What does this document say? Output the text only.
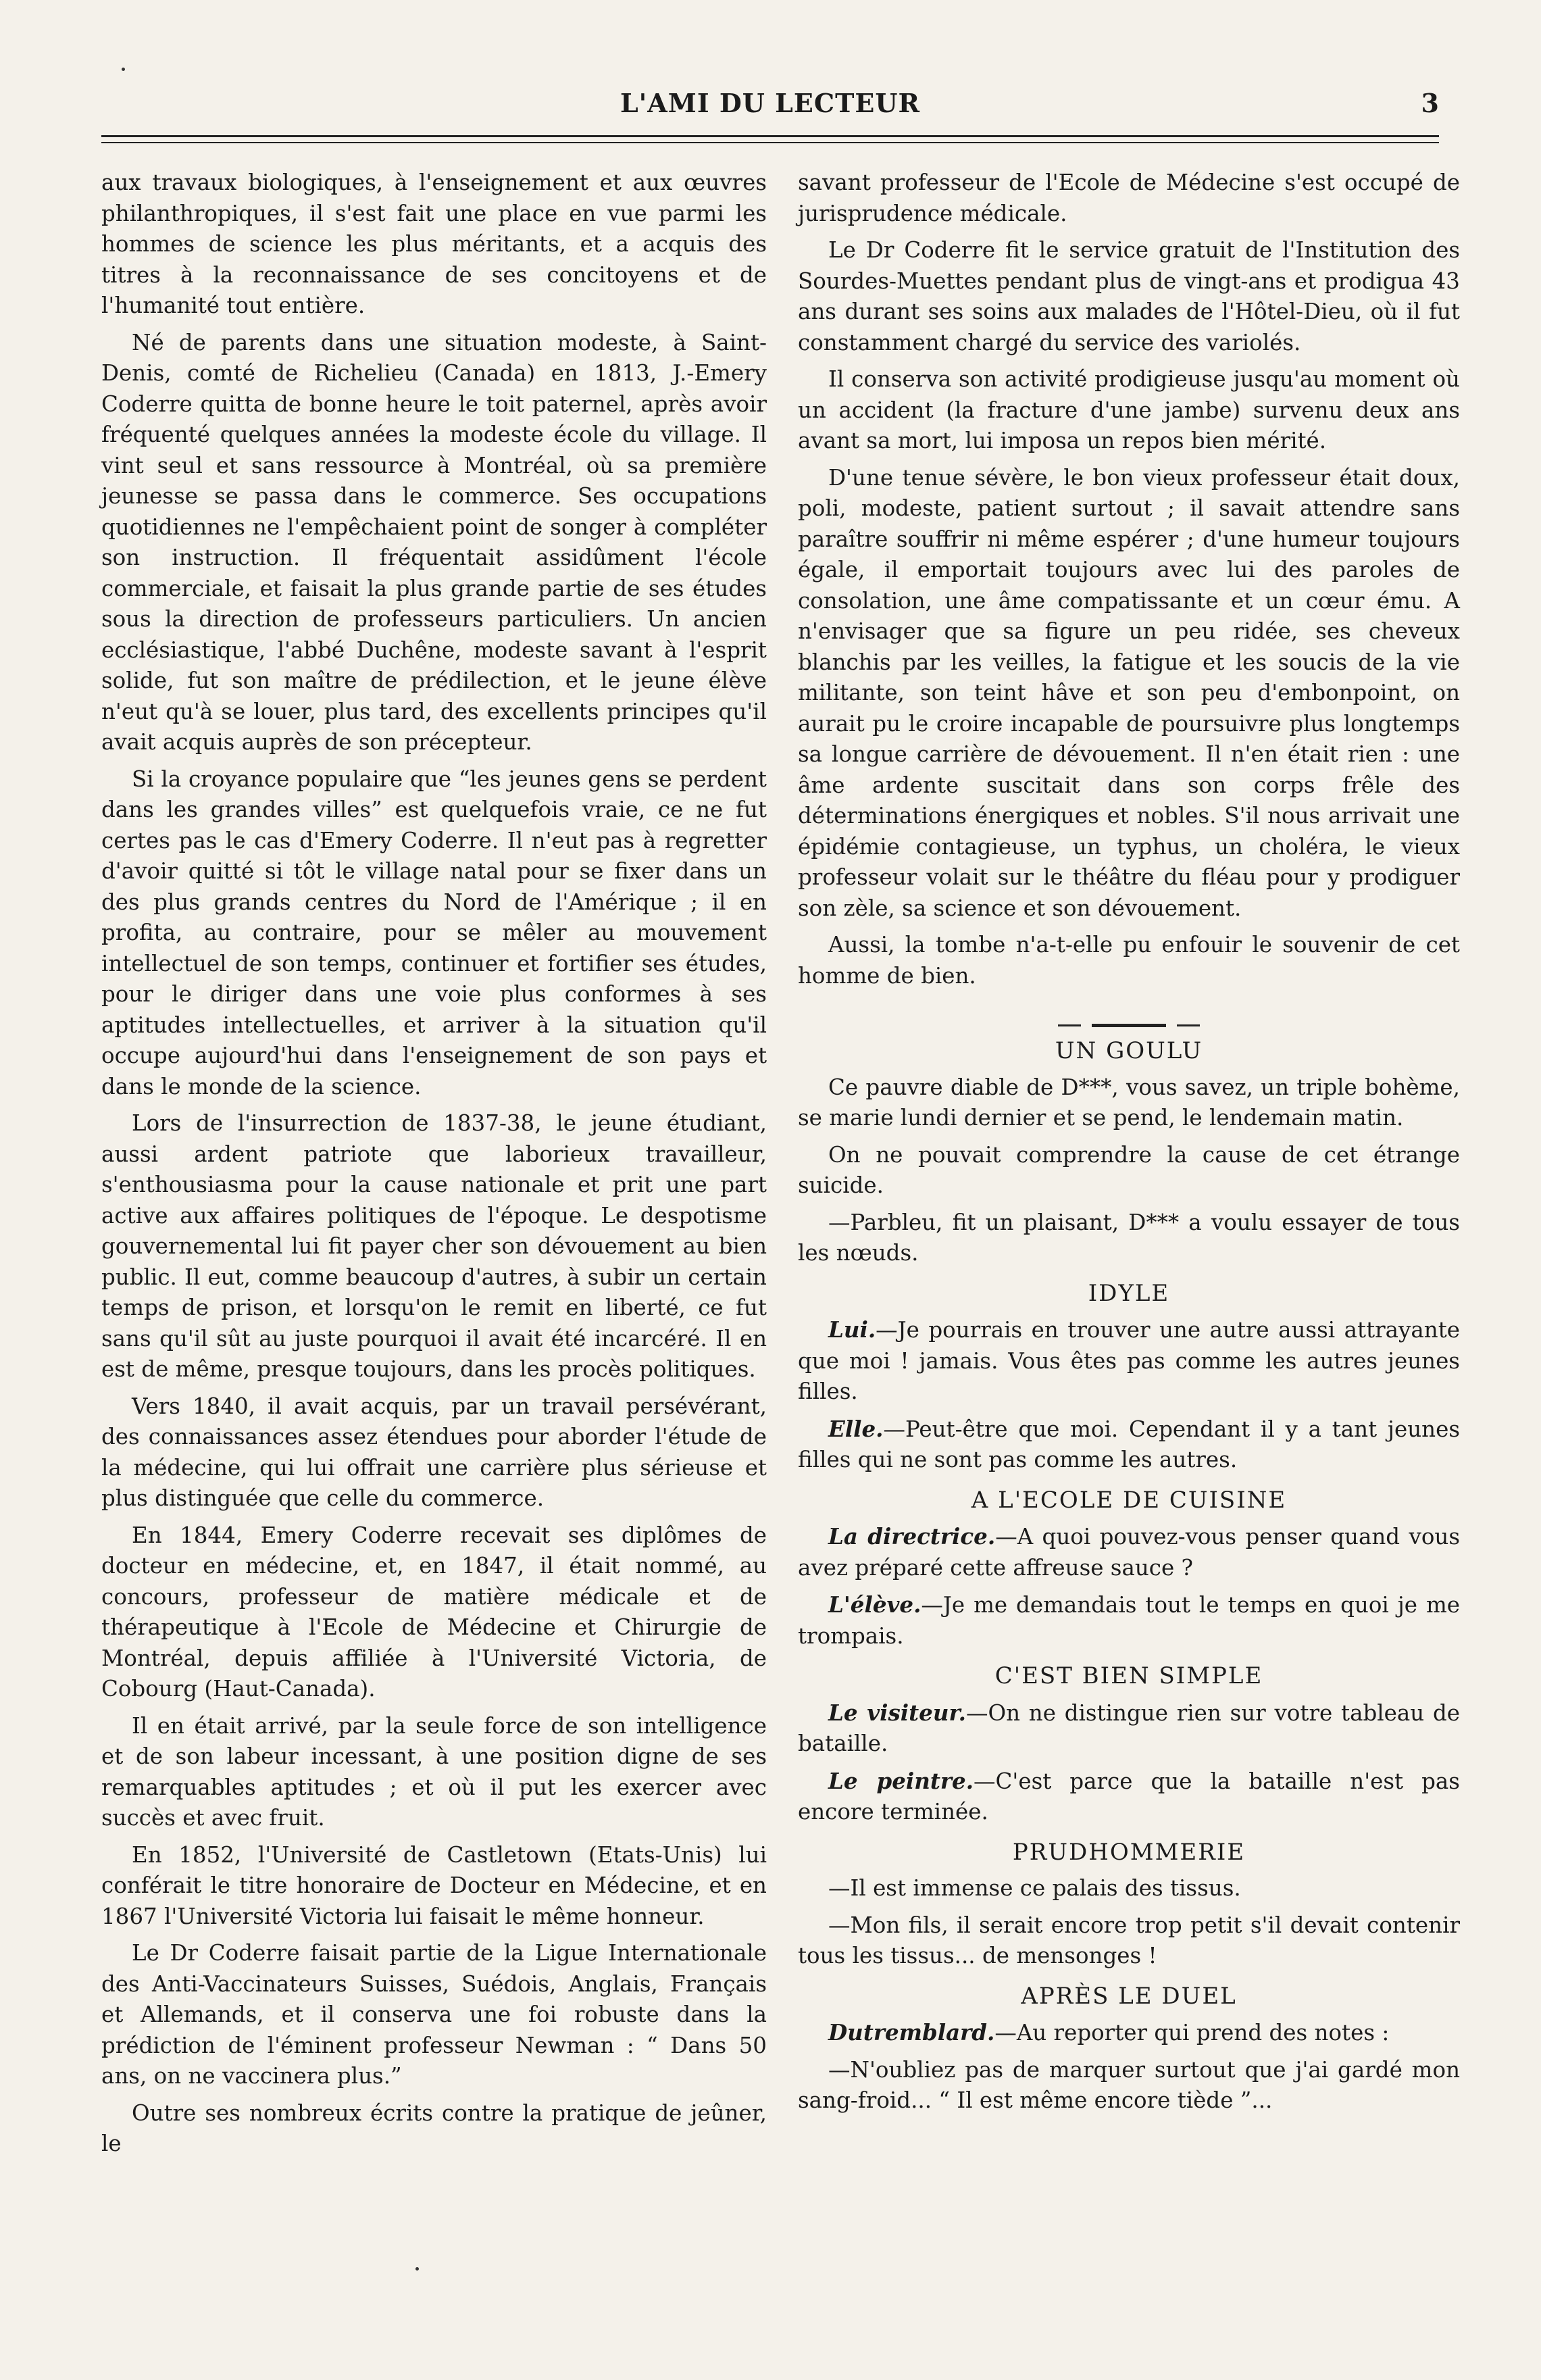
L'AMI DU LECTEUR	3

aux travaux biologiques, à l'enseignement et aux œuvres philanthropiques, il s'est fait une place en vue parmi les hommes de science les plus méritants, et a acquis des titres à la reconnaissance de ses concitoyens et de l'humanité tout entière.

Né de parents dans une situation modeste, à Saint-Denis, comté de Richelieu (Canada) en 1813, J.-Emery Coderre quitta de bonne heure le toit paternel, après avoir fréquenté quelques années la modeste école du village. Il vint seul et sans ressource à Montréal, où sa première jeunesse se passa dans le commerce. Ses occupations quotidiennes ne l'empêchaient point de songer à compléter son instruction. Il fréquentait assidûment l'école commerciale, et faisait la plus grande partie de ses études sous la direction de professeurs particuliers. Un ancien ecclésiastique, l'abbé Duchêne, modeste savant à l'esprit solide, fut son maître de prédilection, et le jeune élève n'eut qu'à se louer, plus tard, des excellents principes qu'il avait acquis auprès de son précepteur.

Si la croyance populaire que “les jeunes gens se perdent dans les grandes villes” est quelquefois vraie, ce ne fut certes pas le cas d'Emery Coderre. Il n'eut pas à regretter d'avoir quitté si tôt le village natal pour se fixer dans un des plus grands centres du Nord de l'Amérique ; il en profita, au contraire, pour se mêler au mouvement intellectuel de son temps, continuer et fortifier ses études, pour le diriger dans une voie plus conformes à ses aptitudes intellectuelles, et arriver à la situation qu'il occupe aujourd'hui dans l'enseignement de son pays et dans le monde de la science.

Lors de l'insurrection de 1837-38, le jeune étudiant, aussi ardent patriote que laborieux travailleur, s'enthousiasma pour la cause nationale et prit une part active aux affaires politiques de l'époque. Le despotisme gouvernemental lui fit payer cher son dévouement au bien public. Il eut, comme beaucoup d'autres, à subir un certain temps de prison, et lorsqu'on le remit en liberté, ce fut sans qu'il sût au juste pourquoi il avait été incarcéré. Il en est de même, presque toujours, dans les procès politiques.

Vers 1840, il avait acquis, par un travail persévérant, des connaissances assez étendues pour aborder l'étude de la médecine, qui lui offrait une carrière plus sérieuse et plus distinguée que celle du commerce.

En 1844, Emery Coderre recevait ses diplômes de docteur en médecine, et, en 1847, il était nommé, au concours, professeur de matière médicale et de thérapeutique à l'Ecole de Médecine et Chirurgie de Montréal, depuis affiliée à l'Université Victoria, de Cobourg (Haut-Canada).

Il en était arrivé, par la seule force de son intelligence et de son labeur incessant, à une position digne de ses remarquables aptitudes ; et où il put les exercer avec succès et avec fruit.

En 1852, l'Université de Castletown (Etats-Unis) lui conférait le titre honoraire de Docteur en Médecine, et en 1867 l'Université Victoria lui faisait le même honneur.

Le Dr Coderre faisait partie de la Ligue Internationale des Anti-Vaccinateurs Suisses, Suédois, Anglais, Français et Allemands, et il conserva une foi robuste dans la prédiction de l'éminent professeur Newman : “ Dans 50 ans, on ne vaccinera plus.”

Outre ses nombreux écrits contre la pratique de jeûner, le

savant professeur de l'Ecole de Médecine s'est occupé de jurisprudence médicale.

Le Dr Coderre fit le service gratuit de l'Institution des Sourdes-Muettes pendant plus de vingt-ans et prodigua 43 ans durant ses soins aux malades de l'Hôtel-Dieu, où il fut constamment chargé du service des variolés.

Il conserva son activité prodigieuse jusqu'au moment où un accident (la fracture d'une jambe) survenu deux ans avant sa mort, lui imposa un repos bien mérité.

D'une tenue sévère, le bon vieux professeur était doux, poli, modeste, patient surtout ; il savait attendre sans paraître souffrir ni même espérer ; d'une humeur toujours égale, il emportait toujours avec lui des paroles de consolation, une âme compatissante et un cœur ému. A n'envisager que sa figure un peu ridée, ses cheveux blanchis par les veilles, la fatigue et les soucis de la vie militante, son teint hâve et son peu d'embonpoint, on aurait pu le croire incapable de poursuivre plus longtemps sa longue carrière de dévouement. Il n'en était rien : une âme ardente suscitait dans son corps frêle des déterminations énergiques et nobles. S'il nous arrivait une épidémie contagieuse, un typhus, un choléra, le vieux professeur volait sur le théâtre du fléau pour y prodiguer son zèle, sa science et son dévouement.

Aussi, la tombe n'a-t-elle pu enfouir le souvenir de cet homme de bien.

UN GOULU

Ce pauvre diable de D***, vous savez, un triple bohème, se marie lundi dernier et se pend, le lendemain matin.

On ne pouvait comprendre la cause de cet étrange suicide.

—Parbleu, fit un plaisant, D*** a voulu essayer de tous les nœuds.

IDYLE

Lui.—Je pourrais en trouver une autre aussi attrayante que moi ! jamais. Vous êtes pas comme les autres jeunes filles.

Elle.—Peut-être que moi. Cependant il y a tant jeunes filles qui ne sont pas comme les autres.

A L'ECOLE DE CUISINE

La directrice.—A quoi pouvez-vous penser quand vous avez préparé cette affreuse sauce ?

L'élève.—Je me demandais tout le temps en quoi je me trompais.

C'EST BIEN SIMPLE

Le visiteur.—On ne distingue rien sur votre tableau de bataille.

Le peintre.—C'est parce que la bataille n'est pas encore terminée.

PRUDHOMMERIE

—Il est immense ce palais des tissus.

—Mon fils, il serait encore trop petit s'il devait contenir tous les tissus... de mensonges !

APRÈS LE DUEL

Dutremblard.—Au reporter qui prend des notes :

—N'oubliez pas de marquer surtout que j'ai gardé mon sang-froid... “ Il est même encore tiède ”...
